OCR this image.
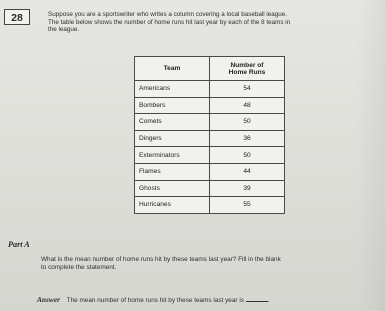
28	Suppose you are a sportswriter who writes a column covering a local baseball league.
The table below shows the number of home runs hit last year by each of the 8 teams in
the league.

Team	Number of
Home Runs
Americans	54
Bombers	48
Comets	50
Dingers	36
Exterminators	50
Flames	44
Ghosts	39
Hurricanes	55
Part A

What is the mean number of home runs hit by these teams last year? Fill in the blank
to complete the statement.

Answer The mean number of home runs hit by these teams last year is	.
